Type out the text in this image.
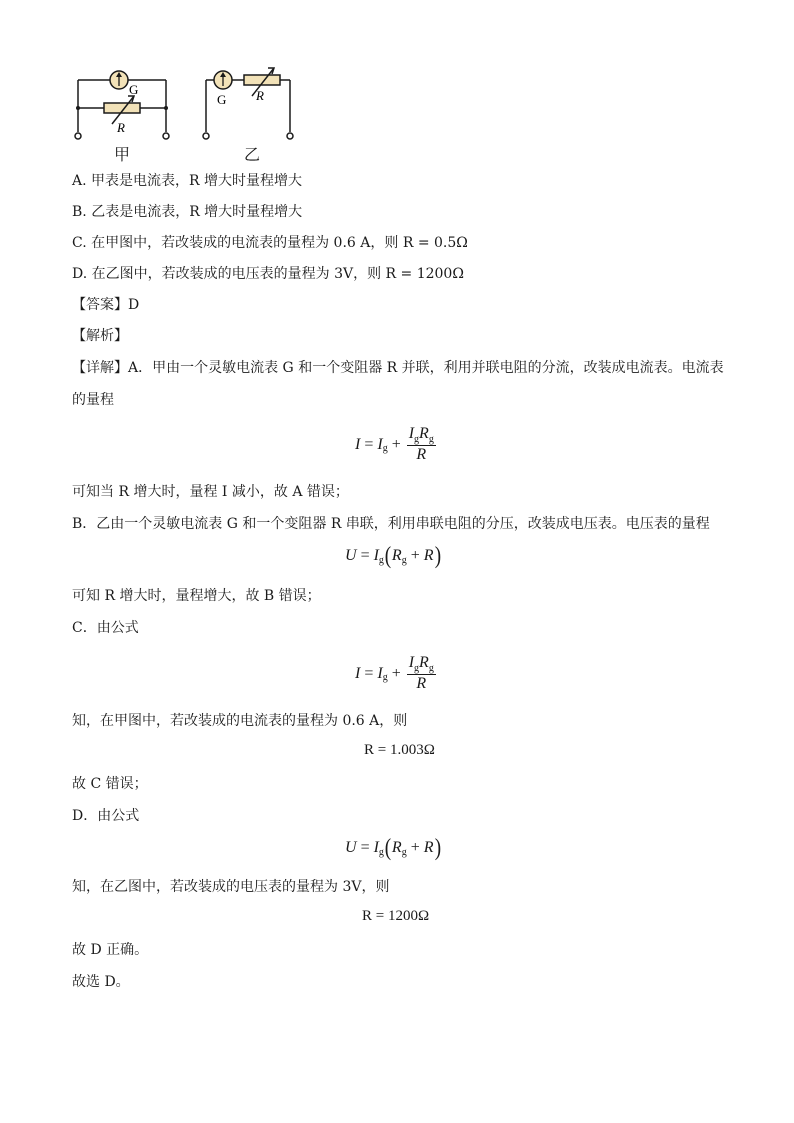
G
R
G R
甲	乙
A. 甲表是电流表，R 增大时量程增大
B. 乙表是电流表，R 增大时量程增大
C. 在甲图中，若改装成的电流表的量程为 0.6 A，则 R = 0.5Ω
D. 在乙图中，若改装成的电压表的量程为 3V，则 R = 1200Ω
【答案】D
【解析】
【详解】A．甲由一个灵敏电流表 G 和一个变阻器 R 并联，利用并联电阻的分流，改装成电流表。电流表
的量程
I = I $g + \frac{I_gR_g}{R}$
可知当 R 增大时，量程 I 减小，故 A 错误；
B．乙由一个灵敏电流表 G 和一个变阻器 R 串联，利用串联电阻的分压，改装成电压表。电压表的量程
U = I g ( R g + R )
可知 R 增大时，量程增大，故 B 错误；
C．由公式
I = I $g + \frac{I_gR_g}{R}$
知，在甲图中，若改装成的电流表的量程为 0.6 A，则
R = 1.003Ω
故 C 错误；
D．由公式
U = I g ( R g + R )
知，在乙图中，若改装成的电压表的量程为 3V，则
R = 1200Ω
故 D 正确。
故选 D。
